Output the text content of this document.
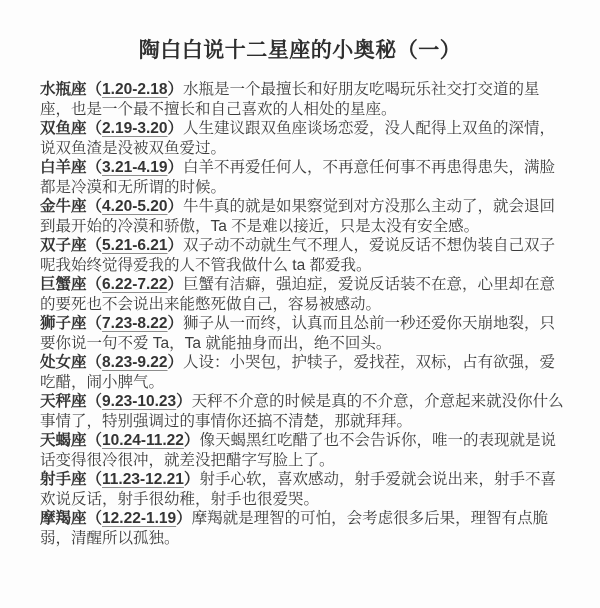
陶白白说十二星座的小奥秘（一）

水瓶座（1.20-2.18）水瓶是一个最擅长和好朋友吃喝玩乐社交打交道的星座，也是一个最不擅长和自己喜欢的人相处的星座。

双鱼座（2.19-3.20）人生建议跟双鱼座谈场恋爱，没人配得上双鱼的深情，说双鱼渣是没被双鱼爱过。

白羊座（3.21-4.19）白羊不再爱任何人，不再意任何事不再患得患失，满脸都是冷漠和无所谓的时候。

金牛座（4.20-5.20）牛牛真的就是如果察觉到对方没那么主动了，就会退回到最开始的冷漠和骄傲，Ta 不是难以接近，只是太没有安全感。

双子座（5.21-6.21）双子动不动就生气不理人，爱说反话不想伪装自己双子呢我始终觉得爱我的人不管我做什么 ta 都爱我。

巨蟹座（6.22-7.22）巨蟹有洁癖，强迫症，爱说反话装不在意，心里却在意的要死也不会说出来能憋死做自己，容易被感动。

狮子座（7.23-8.22）狮子从一而终，认真而且怂前一秒还爱你天崩地裂，只要你说一句不爱 Ta，Ta 就能抽身而出，绝不回头。

处女座（8.23-9.22）人设：小哭包，护犊子，爱找茬，双标，占有欲强，爱吃醋，闹小脾气。

天秤座（9.23-10.23）天秤不介意的时候是真的不介意，介意起来就没你什么事情了，特别强调过的事情你还搞不清楚，那就拜拜。

天蝎座（10.24-11.22）像天蝎黑红吃醋了也不会告诉你，唯一的表现就是说话变得很冷很冲，就差没把醋字写脸上了。

射手座（11.23-12.21）射手心软，喜欢感动，射手爱就会说出来，射手不喜欢说反话，射手很幼稚，射手也很爱哭。

摩羯座（12.22-1.19）摩羯就是理智的可怕，会考虑很多后果，理智有点脆弱，清醒所以孤独。
